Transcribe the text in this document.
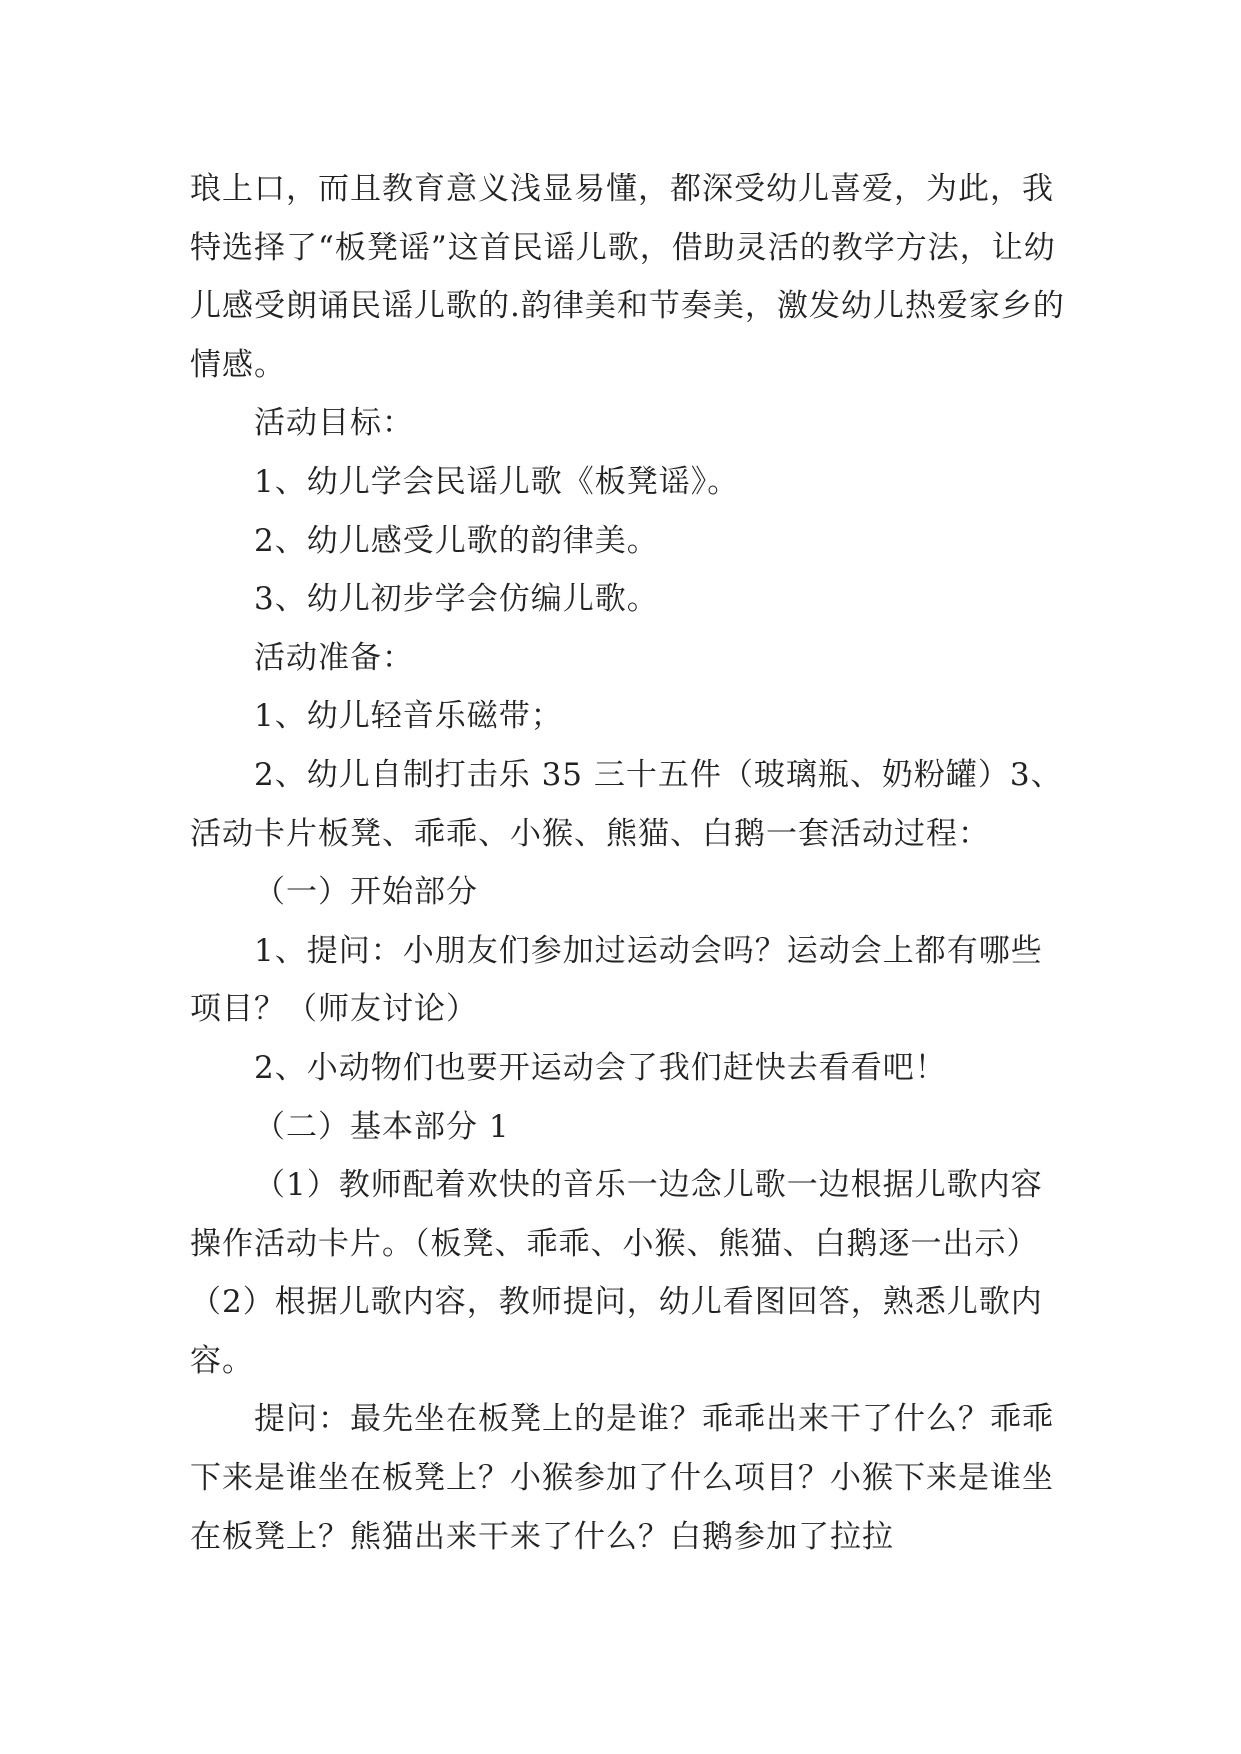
琅上口，而且教育意义浅显易懂，都深受幼儿喜爱，为此，我特选择了“板凳谣”这首民谣儿歌，借助灵活的教学方法，让幼儿感受朗诵民谣儿歌的.韵律美和节奏美，激发幼儿热爱家乡的情感。

活动目标：

1、幼儿学会民谣儿歌《板凳谣》。

2、幼儿感受儿歌的韵律美。

3、幼儿初步学会仿编儿歌。

活动准备：

1、幼儿轻音乐磁带；

2、幼儿自制打击乐 35 三十五件（玻璃瓶、奶粉罐）3、活动卡片板凳、乖乖、小猴、熊猫、白鹅一套活动过程：

（一）开始部分

1、提问：小朋友们参加过运动会吗？运动会上都有哪些项目？（师友讨论）

2、小动物们也要开运动会了我们赶快去看看吧！

（二）基本部分 1

（1）教师配着欢快的音乐一边念儿歌一边根据儿歌内容操作活动卡片。（板凳、乖乖、小猴、熊猫、白鹅逐一出示）（2）根据儿歌内容，教师提问，幼儿看图回答，熟悉儿歌内容。

提问：最先坐在板凳上的是谁？乖乖出来干了什么？乖乖下来是谁坐在板凳上？小猴参加了什么项目？小猴下来是谁坐在板凳上？熊猫出来干来了什么？白鹅参加了拉拉
